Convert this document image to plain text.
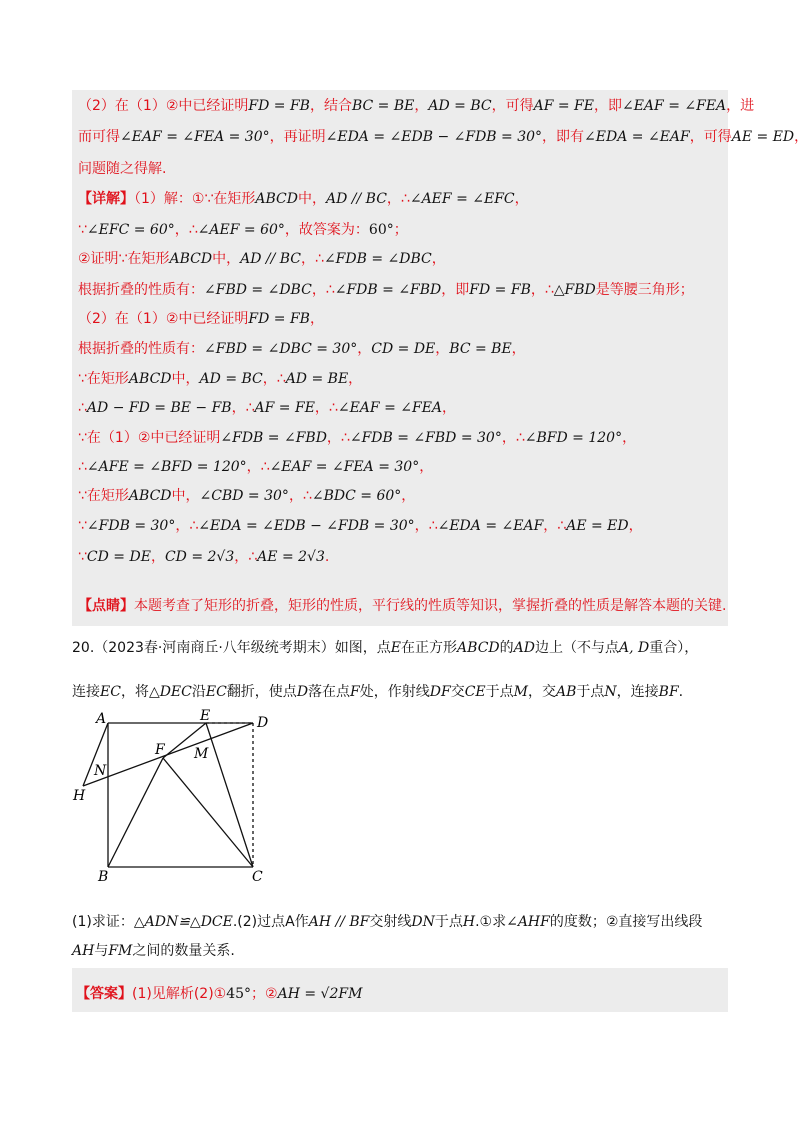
（2）在（1）②中已经证明FD = FB，结合BC = BE，AD = BC，可得AF = FE，即∠EAF = ∠FEA，进
而可得∠EAF = ∠FEA = 30°，再证明∠EDA = ∠EDB − ∠FDB = 30°，即有∠EDA = ∠EAF，可得AE = ED，
问题随之得解.
【详解】（1）解：①∵在矩形ABCD中，AD // BC，∴∠AEF = ∠EFC，
∵∠EFC = 60°，∴∠AEF = 60°，故答案为：60°；
②证明∵在矩形ABCD中，AD // BC，∴∠FDB = ∠DBC，
根据折叠的性质有：∠FBD = ∠DBC，∴∠FDB = ∠FBD，即FD = FB，∴△FBD是等腰三角形；
（2）在（1）②中已经证明FD = FB，
根据折叠的性质有：∠FBD = ∠DBC = 30°，CD = DE，BC = BE，
∵在矩形ABCD中，AD = BC，∴AD = BE，
∴AD − FD = BE − FB，∴AF = FE，∴∠EAF = ∠FEA，
∵在（1）②中已经证明∠FDB = ∠FBD，∴∠FDB = ∠FBD = 30°，∴∠BFD = 120°，
∴∠AFE = ∠BFD = 120°，∴∠EAF = ∠FEA = 30°，
∵在矩形ABCD中，∠CBD = 30°，∴∠BDC = 60°，
∵∠FDB = 30°，∴∠EDA = ∠EDB − ∠FDB = 30°，∴∠EDA = ∠EAF，∴AE = ED，
∵CD = DE，CD = 2√3，∴AE = 2√3.
【点睛】本题考查了矩形的折叠，矩形的性质，平行线的性质等知识，掌握折叠的性质是解答本题的关键.
20.（2023春·河南商丘·八年级统考期末）如图，点E在正方形ABCD的AD边上（不与点A, D重合），
连接EC，将△DEC沿EC翻折，使点D落在点F处，作射线DF交CE于点M，交AB于点N，连接BF.
A
B	C
D
E
F M
N
H
(1)求证：△ADN≌△DCE.(2)过点A作AH // BF交射线DN于点H.①求∠AHF的度数；②直接写出线段
AH与FM之间的数量关系.
【答案】(1)见解析(2)①45°；②AH = √2FM
